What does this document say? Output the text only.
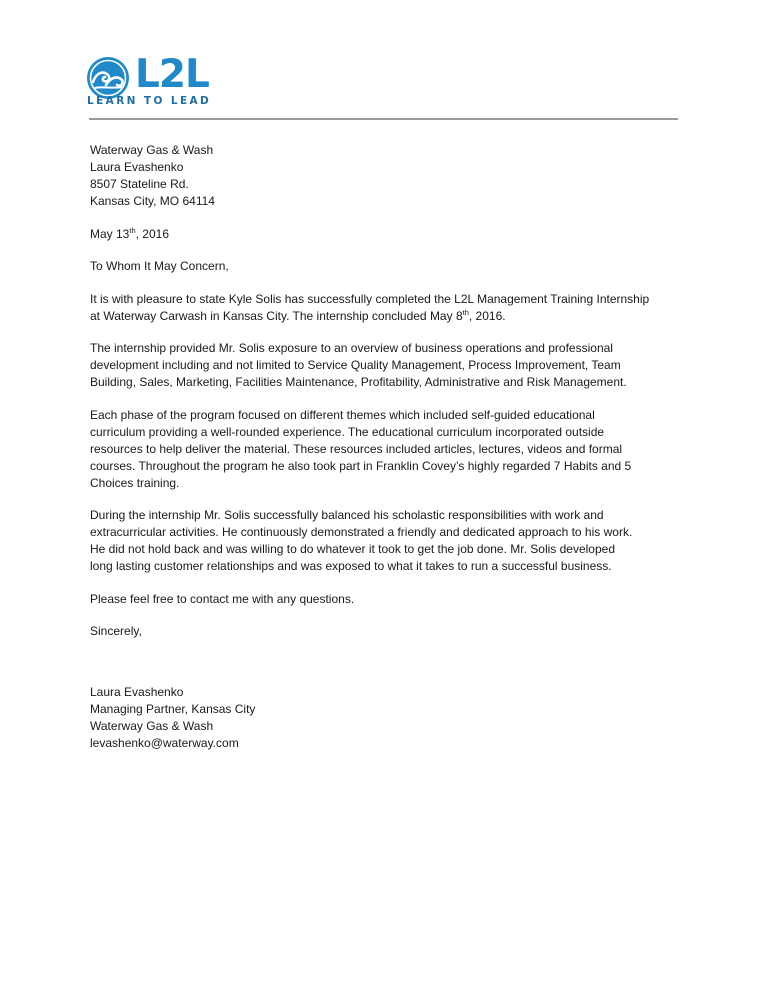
L2L
LEARN TO LEAD
Waterway Gas & Wash
Laura Evashenko
8507 Stateline Rd.
Kansas City, MO 64114
May 13th, 2016
To Whom It May Concern,
It is with pleasure to state Kyle Solis has successfully completed the L2L Management Training Internship
at Waterway Carwash in Kansas City. The internship concluded May 8th, 2016.
The internship provided Mr. Solis exposure to an overview of business operations and professional
development including and not limited to Service Quality Management, Process Improvement, Team
Building, Sales, Marketing, Facilities Maintenance, Profitability, Administrative and Risk Management.
Each phase of the program focused on different themes which included self-guided educational
curriculum providing a well-rounded experience. The educational curriculum incorporated outside
resources to help deliver the material. These resources included articles, lectures, videos and formal
courses. Throughout the program he also took part in Franklin Covey’s highly regarded 7 Habits and 5
Choices training.
During the internship Mr. Solis successfully balanced his scholastic responsibilities with work and
extracurricular activities. He continuously demonstrated a friendly and dedicated approach to his work.
He did not hold back and was willing to do whatever it took to get the job done. Mr. Solis developed
long lasting customer relationships and was exposed to what it takes to run a successful business.
Please feel free to contact me with any questions.
Sincerely,
Laura Evashenko
Managing Partner, Kansas City
Waterway Gas & Wash
levashenko@waterway.com
